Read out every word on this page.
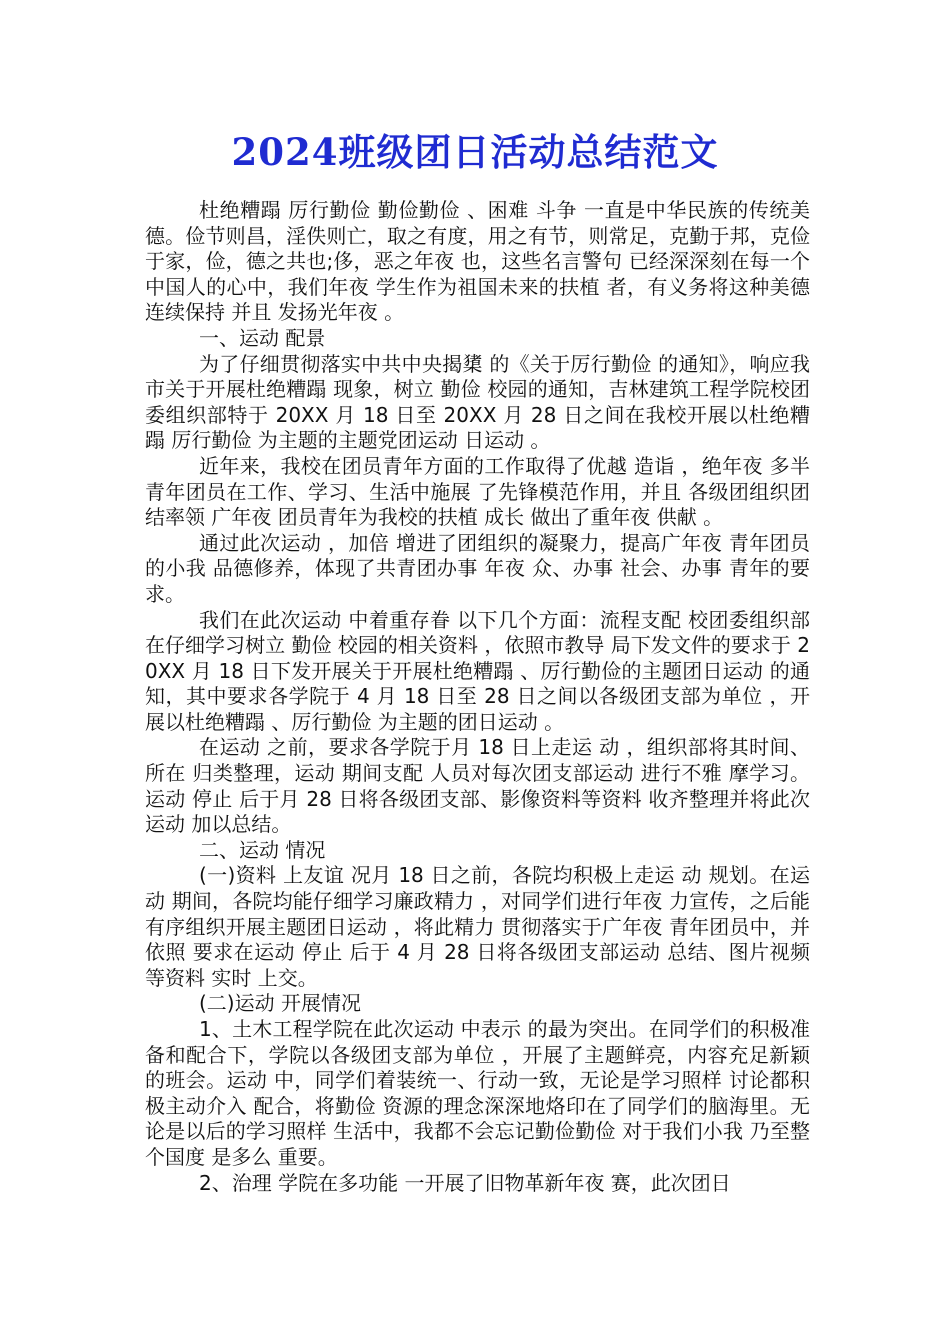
2024班级团日活动总结范文

杜绝糟蹋 厉行勤俭 勤俭勤俭 、困难 斗争 一直是中华民族的传统美德。俭节则昌，淫佚则亡，取之有度，用之有节，则常足，克勤于邦，克俭于家，俭，德之共也;侈，恶之年夜 也，这些名言警句 已经深深刻在每一个中国人的心中，我们年夜 学生作为祖国未来的扶植 者，有义务将这种美德连续保持 并且 发扬光年夜 。

一、运动 配景

为了仔细贯彻落实中共中央揭橥 的《关于厉行勤俭 的通知》，响应我市关于开展杜绝糟蹋 现象，树立 勤俭 校园的通知，吉林建筑工程学院校团委组织部特于 20XX 月 18 日至 20XX 月 28 日之间在我校开展以杜绝糟蹋 厉行勤俭 为主题的主题党团运动 日运动 。

近年来，我校在团员青年方面的工作取得了优越 造诣 ，绝年夜 多半 青年团员在工作、学习、生活中施展 了先锋模范作用，并且 各级团组织团结率领 广年夜 团员青年为我校的扶植 成长 做出了重年夜 供献 。

通过此次运动 ，加倍 增进了团组织的凝聚力，提高广年夜 青年团员的小我 品德修养，体现了共青团办事 年夜 众、办事 社会、办事 青年的要求。

我们在此次运动 中着重存眷 以下几个方面：流程支配 校团委组织部在仔细学习树立 勤俭 校园的相关资料 ，依照市教导 局下发文件的要求于 20XX 月 18 日下发开展关于开展杜绝糟蹋 、厉行勤俭的主题团日运动 的通知，其中要求各学院于 4 月 18 日至 28 日之间以各级团支部为单位 ，开展以杜绝糟蹋 、厉行勤俭 为主题的团日运动 。

在运动 之前，要求各学院于月 18 日上走运 动 ，组织部将其时间、所在 归类整理，运动 期间支配 人员对每次团支部运动 进行不雅 摩学习。运动 停止 后于月 28 日将各级团支部、影像资料等资料 收齐整理并将此次运动 加以总结。

二、运动 情况

(一)资料 上友谊 况月 18 日之前，各院均积极上走运 动 规划。在运动 期间，各院均能仔细学习廉政精力 ，对同学们进行年夜 力宣传，之后能有序组织开展主题团日运动 ，将此精力 贯彻落实于广年夜 青年团员中，并依照 要求在运动 停止 后于 4 月 28 日将各级团支部运动 总结、图片视频等资料 实时 上交。

(二)运动 开展情况

1、土木工程学院在此次运动 中表示 的最为突出。在同学们的积极准备和配合下，学院以各级团支部为单位 ，开展了主题鲜亮，内容充足新颖的班会。运动 中，同学们着装统一、行动一致，无论是学习照样 讨论都积极主动介入 配合，将勤俭 资源的理念深深地烙印在了同学们的脑海里。无论是以后的学习照样 生活中，我都不会忘记勤俭勤俭 对于我们小我 乃至整个国度 是多么 重要。

2、治理 学院在多功能 一开展了旧物革新年夜 赛，此次团日
